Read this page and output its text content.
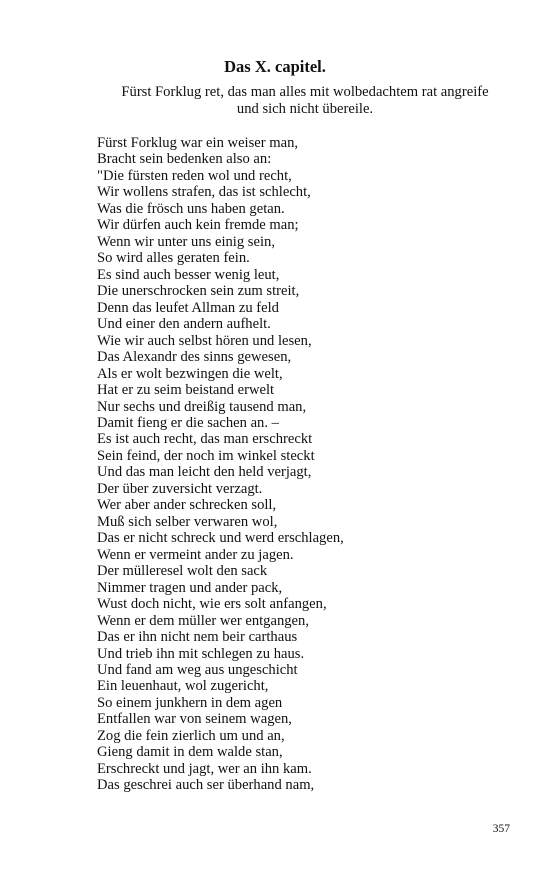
Das X. capitel.
Fürst Forklug ret, das man alles mit wolbedachtem rat angreife
und sich nicht übereile.
Fürst Forklug war ein weiser man,
Bracht sein bedenken also an:
"Die fürsten reden wol und recht,
Wir wollens strafen, das ist schlecht,
Was die frösch uns haben getan.
Wir dürfen auch kein fremde man;
Wenn wir unter uns einig sein,
So wird alles geraten fein.
Es sind auch besser wenig leut,
Die unerschrocken sein zum streit,
Denn das leufet Allman zu feld
Und einer den andern aufhelt.
Wie wir auch selbst hören und lesen,
Das Alexandr des sinns gewesen,
Als er wolt bezwingen die welt,
Hat er zu seim beistand erwelt
Nur sechs und dreißig tausend man,
Damit fieng er die sachen an. –
Es ist auch recht, das man erschreckt
Sein feind, der noch im winkel steckt
Und das man leicht den held verjagt,
Der über zuversicht verzagt.
Wer aber ander schrecken soll,
Muß sich selber verwaren wol,
Das er nicht schreck und werd erschlagen,
Wenn er vermeint ander zu jagen.
Der mülleresel wolt den sack
Nimmer tragen und ander pack,
Wust doch nicht, wie ers solt anfangen,
Wenn er dem müller wer entgangen,
Das er ihn nicht nem beir carthaus
Und trieb ihn mit schlegen zu haus.
Und fand am weg aus ungeschicht
Ein leuenhaut, wol zugericht,
So einem junkhern in dem agen
Entfallen war von seinem wagen,
Zog die fein zierlich um und an,
Gieng damit in dem walde stan,
Erschreckt und jagt, wer an ihn kam.
Das geschrei auch ser überhand nam,
357
